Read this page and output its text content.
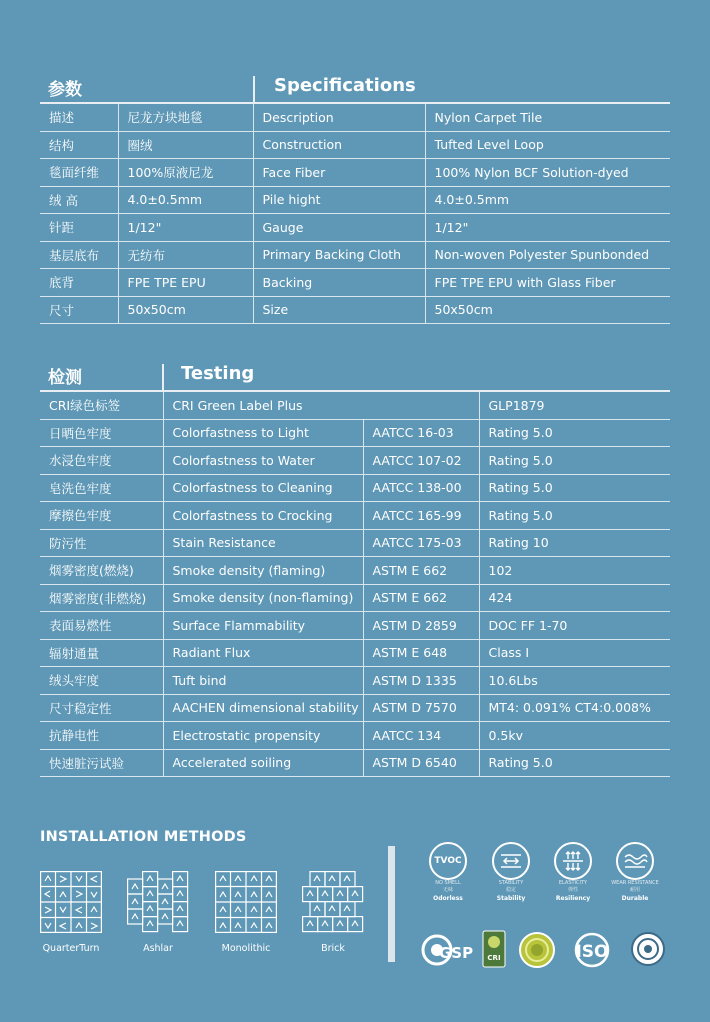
参数	Specifications
描述	尼龙方块地毯	Description	Nylon Carpet Tile
结构	圈绒	Construction	Tufted Level Loop
毯面纤维	100%原液尼龙	Face Fiber	100% Nylon BCF Solution-dyed
绒 高	4.0±0.5mm	Pile hight	4.0±0.5mm
针距	1/12"	Gauge	1/12"
基层底布	无纺布	Primary Backing Cloth	Non-woven Polyester Spunbonded
底背	FPE TPE EPU	Backing	FPE TPE EPU with Glass Fiber
尺寸	50x50cm	Size	50x50cm
检测	Testing
CRI绿色标签	CRI Green Label Plus		GLP1879
日晒色牢度	Colorfastness to Light	AATCC 16-03	Rating 5.0
水浸色牢度	Colorfastness to Water	AATCC 107-02	Rating 5.0
皂洗色牢度	Colorfastness to Cleaning	AATCC 138-00	Rating 5.0
摩擦色牢度	Colorfastness to Crocking	AATCC 165-99	Rating 5.0
防污性	Stain Resistance	AATCC 175-03	Rating 10
烟雾密度(燃烧)	Smoke density (flaming)	ASTM E 662	102
烟雾密度(非燃烧)	Smoke density (non-flaming)	ASTM E 662	424
表面易燃性	Surface Flammability	ASTM D 2859	DOC FF 1-70
辐射通量	Radiant Flux	ASTM E 648	Class I
绒头牢度	Tuft bind	ASTM D 1335	10.6Lbs
尺寸稳定性	AACHEN dimensional stability	ASTM D 7570	MT4: 0.091% CT4:0.008%
抗静电性	Electrostatic propensity	AATCC 134	0.5kv
快速脏污试验	Accelerated soiling	ASTM D 6540	Rating 5.0
INSTALLATION METHODS
QuarterTurn	Ashlar	Monolithic	Brick
TVOC
NO SMELL
无味
Odorless
STABILITY
稳定
Stability
ELASTICITY
弹性
Resiliency
WEAR RESISTANCE
耐用
Durable
GSP CRI	ISO
